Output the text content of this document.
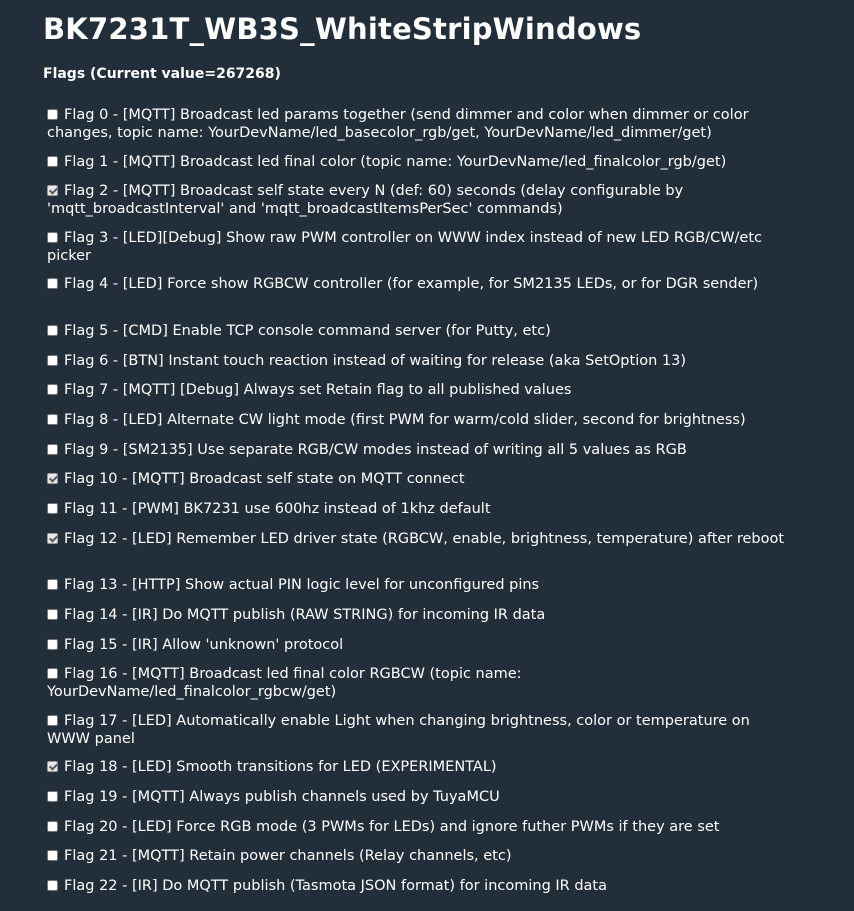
BK7231T_WB3S_WhiteStripWindows
Flags (Current value=267268)
Flag 0 - [MQTT] Broadcast led params together (send dimmer and color when dimmer or color changes, topic name: YourDevName/led_basecolor_rgb/get, YourDevName/led_dimmer/get)
Flag 1 - [MQTT] Broadcast led final color (topic name: YourDevName/led_finalcolor_rgb/get)
Flag 2 - [MQTT] Broadcast self state every N (def: 60) seconds (delay configurable by 'mqtt_broadcastInterval' and 'mqtt_broadcastItemsPerSec' commands)
Flag 3 - [LED][Debug] Show raw PWM controller on WWW index instead of new LED RGB/CW/etc picker
Flag 4 - [LED] Force show RGBCW controller (for example, for SM2135 LEDs, or for DGR sender)
Flag 5 - [CMD] Enable TCP console command server (for Putty, etc)
Flag 6 - [BTN] Instant touch reaction instead of waiting for release (aka SetOption 13)
Flag 7 - [MQTT] [Debug] Always set Retain flag to all published values
Flag 8 - [LED] Alternate CW light mode (first PWM for warm/cold slider, second for brightness)
Flag 9 - [SM2135] Use separate RGB/CW modes instead of writing all 5 values as RGB
Flag 10 - [MQTT] Broadcast self state on MQTT connect
Flag 11 - [PWM] BK7231 use 600hz instead of 1khz default
Flag 12 - [LED] Remember LED driver state (RGBCW, enable, brightness, temperature) after reboot
Flag 13 - [HTTP] Show actual PIN logic level for unconfigured pins
Flag 14 - [IR] Do MQTT publish (RAW STRING) for incoming IR data
Flag 15 - [IR] Allow 'unknown' protocol
Flag 16 - [MQTT] Broadcast led final color RGBCW (topic name: YourDevName/led_finalcolor_rgbcw/get)
Flag 17 - [LED] Automatically enable Light when changing brightness, color or temperature on WWW panel
Flag 18 - [LED] Smooth transitions for LED (EXPERIMENTAL)
Flag 19 - [MQTT] Always publish channels used by TuyaMCU
Flag 20 - [LED] Force RGB mode (3 PWMs for LEDs) and ignore futher PWMs if they are set
Flag 21 - [MQTT] Retain power channels (Relay channels, etc)
Flag 22 - [IR] Do MQTT publish (Tasmota JSON format) for incoming IR data
